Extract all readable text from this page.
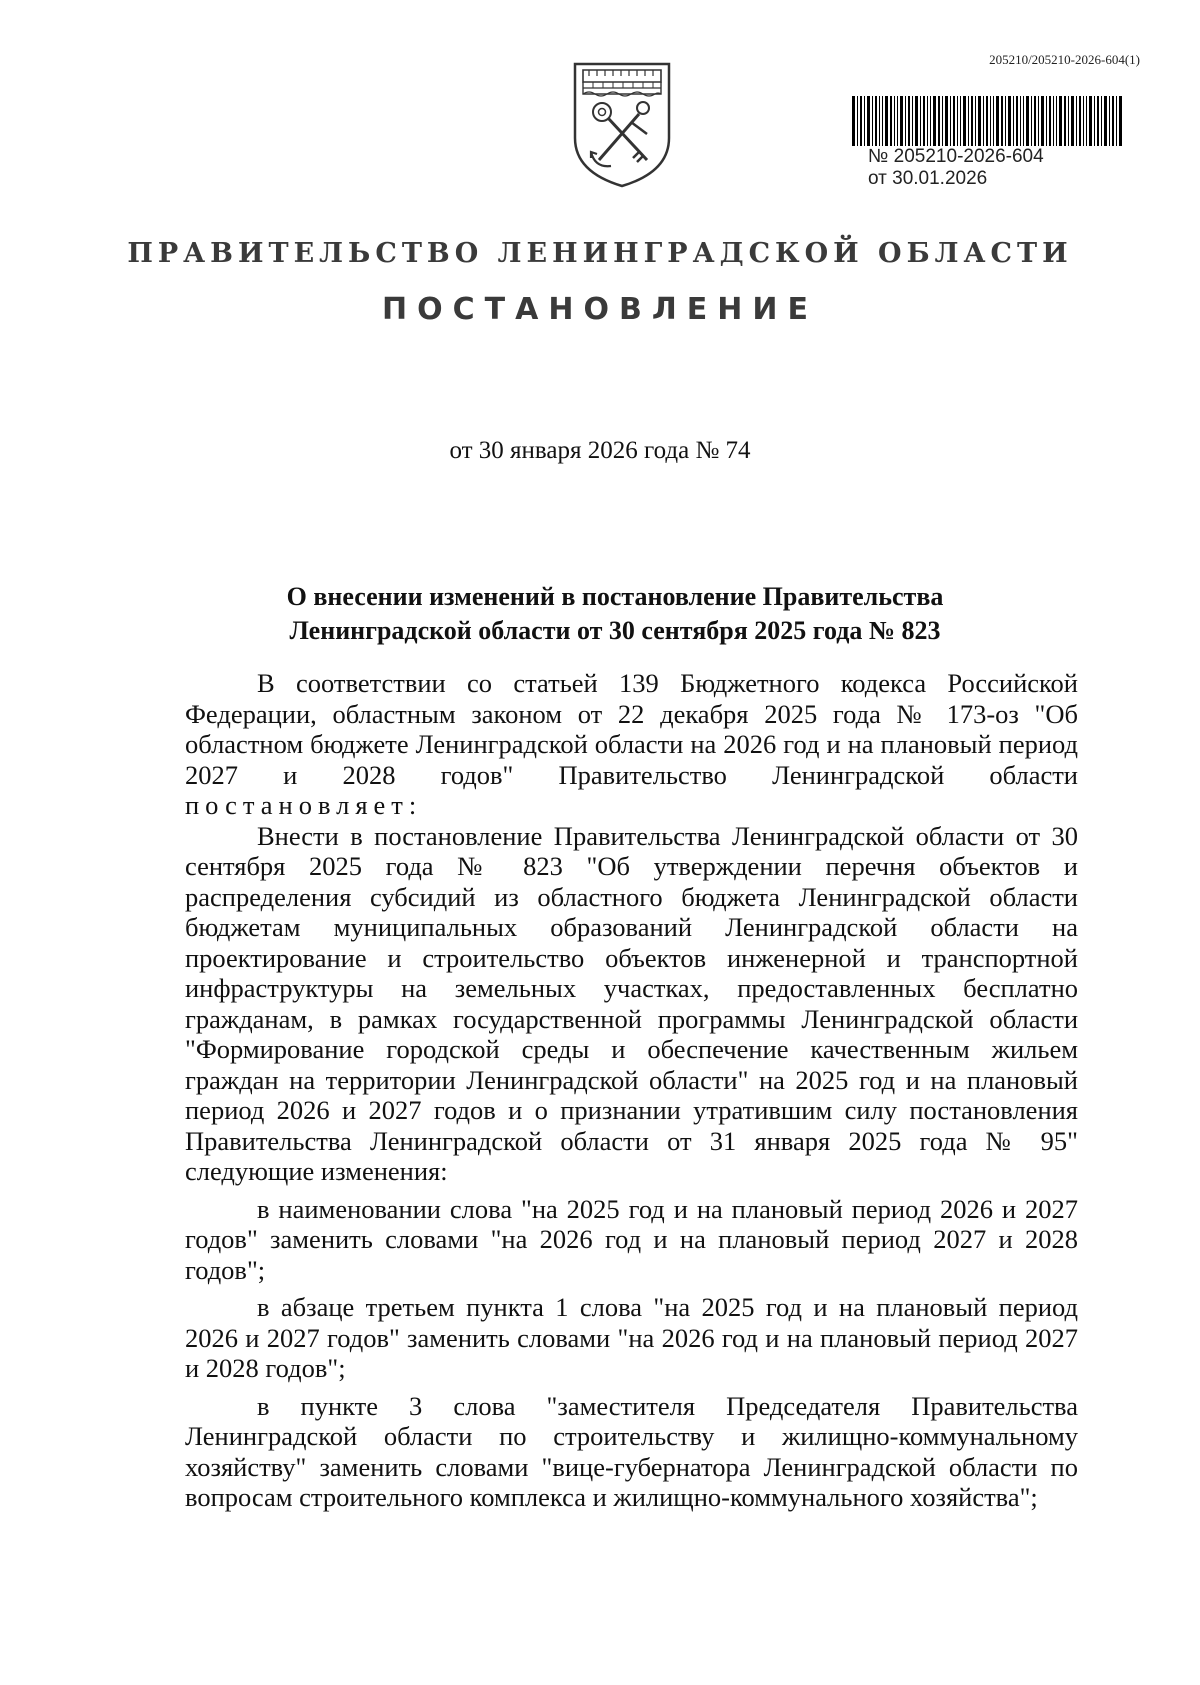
205210/205210-2026-604(1)
№ 205210-2026-604
от 30.01.2026
ПРАВИТЕЛЬСТВО ЛЕНИНГРАДСКОЙ ОБЛАСТИ
ПОСТАНОВЛЕНИЕ
от 30 января 2026 года № 74
О внесении изменений в постановление Правительства
Ленинградской области от 30 сентября 2025 года № 823

В соответствии со статьей 139 Бюджетного кодекса Российской Федерации, областным законом от 22 декабря 2025 года № 173-оз "Об областном бюджете Ленинградской области на 2026 год и на плановый период 2027 и 2028 годов" Правительство Ленинградской области постановляет:

Внести в постановление Правительства Ленинградской области от 30 сентября 2025 года № 823 "Об утверждении перечня объектов и распределения субсидий из областного бюджета Ленинградской области бюджетам муниципальных образований Ленинградской области на проектирование и строительство объектов инженерной и транспортной инфраструктуры на земельных участках, предоставленных бесплатно гражданам, в рамках государственной программы Ленинградской области "Формирование городской среды и обеспечение качественным жильем граждан на территории Ленинградской области" на 2025 год и на плановый период 2026 и 2027 годов и о признании утратившим силу постановления Правительства Ленинградской области от 31 января 2025 года № 95" следующие изменения:

в наименовании слова "на 2025 год и на плановый период 2026 и 2027 годов" заменить словами "на 2026 год и на плановый период 2027 и 2028 годов";

в абзаце третьем пункта 1 слова "на 2025 год и на плановый период 2026 и 2027 годов" заменить словами "на 2026 год и на плановый период 2027 и 2028 годов";

в пункте 3 слова "заместителя Председателя Правительства Ленинградской области по строительству и жилищно-коммунальному хозяйству" заменить словами "вице-губернатора Ленинградской области по вопросам строительного комплекса и жилищно-коммунального хозяйства";
